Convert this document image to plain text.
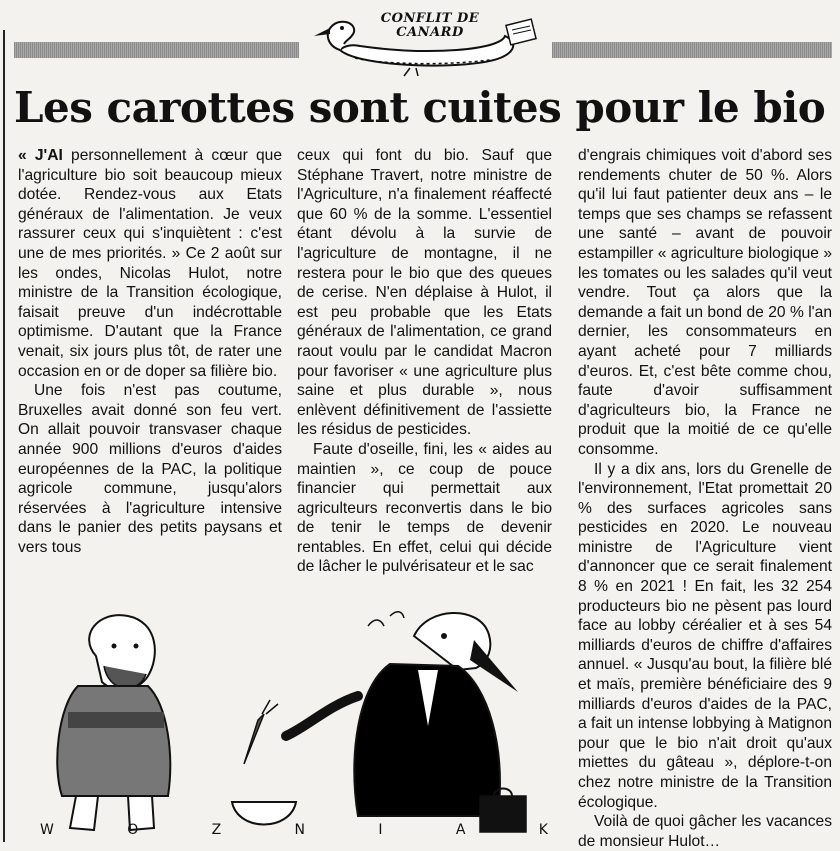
CONFLIT DE
CANARD
Les carottes sont cuites pour le bio

« J'AI personnellement à cœur que l'agriculture bio soit beaucoup mieux dotée. Rendez-vous aux Etats généraux de l'alimentation. Je veux rassurer ceux qui s'inquiètent : c'est une de mes priorités. » Ce 2 août sur les ondes, Nicolas Hulot, notre ministre de la Transition écologique, faisait preuve d'un indécrottable optimisme. D'autant que la France venait, six jours plus tôt, de rater une occasion en or de doper sa filière bio.

Une fois n'est pas coutume, Bruxelles avait donné son feu vert. On allait pouvoir transvaser chaque année 900 millions d'euros d'aides européennes de la PAC, la politique agricole commune, jusqu'alors réservées à l'agriculture intensive dans le panier des petits paysans et vers tous

ceux qui font du bio. Sauf que Stéphane Travert, notre ministre de l'Agriculture, n'a finalement réaffecté que 60 % de la somme. L'essentiel étant dévolu à la survie de l'agriculture de montagne, il ne restera pour le bio que des queues de cerise. N'en déplaise à Hulot, il est peu probable que les Etats généraux de l'alimentation, ce grand raout voulu par le candidat Macron pour favoriser « une agriculture plus saine et plus durable », nous enlèvent définitivement de l'assiette les résidus de pesticides.

Faute d'oseille, fini, les « aides au maintien », ce coup de pouce financier qui permettait aux agriculteurs reconvertis dans le bio de tenir le temps de devenir rentables. En effet, celui qui décide de lâcher le pulvérisateur et le sac

d'engrais chimiques voit d'abord ses rendements chuter de 50 %. Alors qu'il lui faut patienter deux ans – le temps que ses champs se refassent une santé – avant de pouvoir estampiller « agriculture biologique » les tomates ou les salades qu'il veut vendre. Tout ça alors que la demande a fait un bond de 20 % l'an dernier, les consommateurs en ayant acheté pour 7 milliards d'euros. Et, c'est bête comme chou, faute d'avoir suffisamment d'agriculteurs bio, la France ne produit que la moitié de ce qu'elle consomme.

Il y a dix ans, lors du Grenelle de l'environnement, l'Etat promettait 20 % des surfaces agricoles sans pesticides en 2020. Le nouveau ministre de l'Agriculture vient d'annoncer que ce serait finalement 8 % en 2021 ! En fait, les 32 254 producteurs bio ne pèsent pas lourd face au lobby céréalier et à ses 54 milliards d'euros de chiffre d'affaires annuel. « Jusqu'au bout, la filière blé et maïs, première bénéficiaire des 9 milliards d'euros d'aides de la PAC, a fait un intense lobbying à Matignon pour que le bio n'ait droit qu'aux miettes du gâteau », déplore-t-on chez notre ministre de la Transition écologique.

Voilà de quoi gâcher les vacances de monsieur Hulot…

W	O	Z	N	I	A	K
